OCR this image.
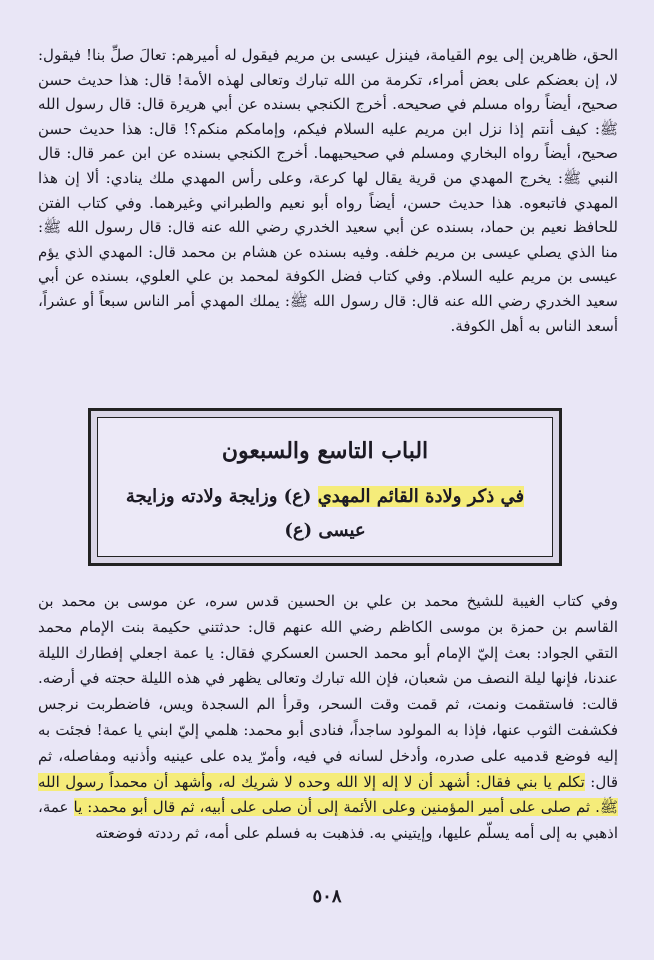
الحق، ظاهرين إلى يوم القيامة، فينزل عيسى بن مريم فيقول له أميرهم: تعالَ صلِّ بنا! فيقول: لا، إن بعضكم على بعض أمراء، تكرمة من الله تبارك وتعالى لهذه الأمة! قال: هذا حديث حسن صحيح، أيضاً رواه مسلم في صحيحه. أخرج الكنجي بسنده عن أبي هريرة قال: قال رسول الله ﷺ: كيف أنتم إذا نزل ابن مريم عليه السلام فيكم، وإمامكم منكم؟! قال: هذا حديث حسن صحيح، أيضاً رواه البخاري ومسلم في صحيحيهما. أخرج الكنجي بسنده عن ابن عمر قال: قال النبي ﷺ: يخرج المهدي من قرية يقال لها كرعة، وعلى رأس المهدي ملك ينادي: ألا إن هذا المهدي فاتبعوه. هذا حديث حسن، أيضاً رواه أبو نعيم والطبراني وغيرهما. وفي كتاب الفتن للحافظ نعيم بن حماد، بسنده عن أبي سعيد الخدري رضي الله عنه قال: قال رسول الله ﷺ: منا الذي يصلي عيسى بن مريم خلفه. وفيه بسنده عن هشام بن محمد قال: المهدي الذي يؤم عيسى بن مريم عليه السلام. وفي كتاب فضل الكوفة لمحمد بن علي العلوي، بسنده عن أبي سعيد الخدري رضي الله عنه قال: قال رسول الله ﷺ: يملك المهدي أمر الناس سبعاً أو عشراً، أسعد الناس به أهل الكوفة.

الباب التاسع والسبعون
في ذكر ولادة القائم المهدي (ع) وزايجة ولادته وزايجة عيسى (ع)

وفي كتاب الغيبة للشيخ محمد بن علي بن الحسين قدس سره، عن موسى بن محمد بن القاسم بن حمزة بن موسى الكاظم رضي الله عنهم قال: حدثتني حكيمة بنت الإمام محمد التقي الجواد: بعث إليّ الإمام أبو محمد الحسن العسكري فقال: يا عمة اجعلي إفطارك الليلة عندنا، فإنها ليلة النصف من شعبان، فإن الله تبارك وتعالى يظهر في هذه الليلة حجته في أرضه. قالت: فاستقمت ونمت، ثم قمت وقت السحر، وقرأ الم السجدة ويس، فاضطربت نرجس فكشفت الثوب عنها، فإذا به المولود ساجداً، فنادى أبو محمد: هلمي إليّ ابني يا عمة! فجئت به إليه فوضع قدميه على صدره، وأدخل لسانه في فيه، وأمرّ يده على عينيه وأذنيه ومفاصله، ثم قال: تكلم يا بني فقال: أشهد أن لا إله إلا الله وحده لا شريك له، وأشهد أن محمداً رسول الله ﷺ. ثم صلى على أمير المؤمنين وعلى الأئمة إلى أن صلى على أبيه، ثم قال أبو محمد: يا عمة، اذهبي به إلى أمه يسلّم عليها، وإيتيني به. فذهبت به فسلم على أمه، ثم رددته فوضعته

٥٠٨
